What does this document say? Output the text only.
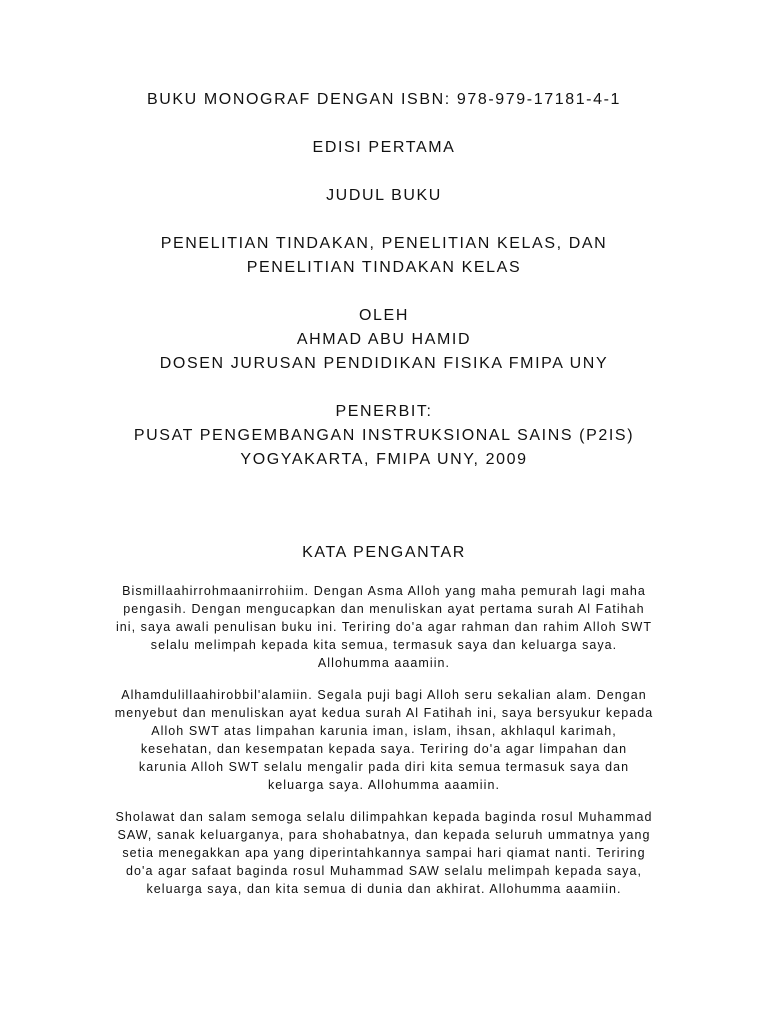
BUKU MONOGRAF DENGAN ISBN: 978-979-17181-4-1
EDISI PERTAMA
JUDUL BUKU
PENELITIAN TINDAKAN, PENELITIAN KELAS, DAN
PENELITIAN TINDAKAN KELAS
OLEH
AHMAD ABU HAMID
DOSEN JURUSAN PENDIDIKAN FISIKA FMIPA UNY
PENERBIT:
PUSAT PENGEMBANGAN INSTRUKSIONAL SAINS (P2IS)
YOGYAKARTA, FMIPA UNY, 2009
KATA PENGANTAR
Bismillaahirrohmaanirrohiim. Dengan Asma Alloh yang maha pemurah lagi maha
pengasih. Dengan mengucapkan dan menuliskan ayat pertama surah Al Fatihah
ini, saya awali penulisan buku ini. Teriring do'a agar rahman dan rahim Alloh SWT
selalu melimpah kepada kita semua, termasuk saya dan keluarga saya.
Allohumma aaamiin.
Alhamdulillaahirobbil'alamiin. Segala puji bagi Alloh seru sekalian alam. Dengan
menyebut dan menuliskan ayat kedua surah Al Fatihah ini, saya bersyukur kepada
Alloh SWT atas limpahan karunia iman, islam, ihsan, akhlaqul karimah,
kesehatan, dan kesempatan kepada saya. Teriring do'a agar limpahan dan
karunia Alloh SWT selalu mengalir pada diri kita semua termasuk saya dan
keluarga saya. Allohumma aaamiin.
Sholawat dan salam semoga selalu dilimpahkan kepada baginda rosul Muhammad
SAW, sanak keluarganya, para shohabatnya, dan kepada seluruh ummatnya yang
setia menegakkan apa yang diperintahkannya sampai hari qiamat nanti. Teriring
do'a agar safaat baginda rosul Muhammad SAW selalu melimpah kepada saya,
keluarga saya, dan kita semua di dunia dan akhirat. Allohumma aaamiin.
